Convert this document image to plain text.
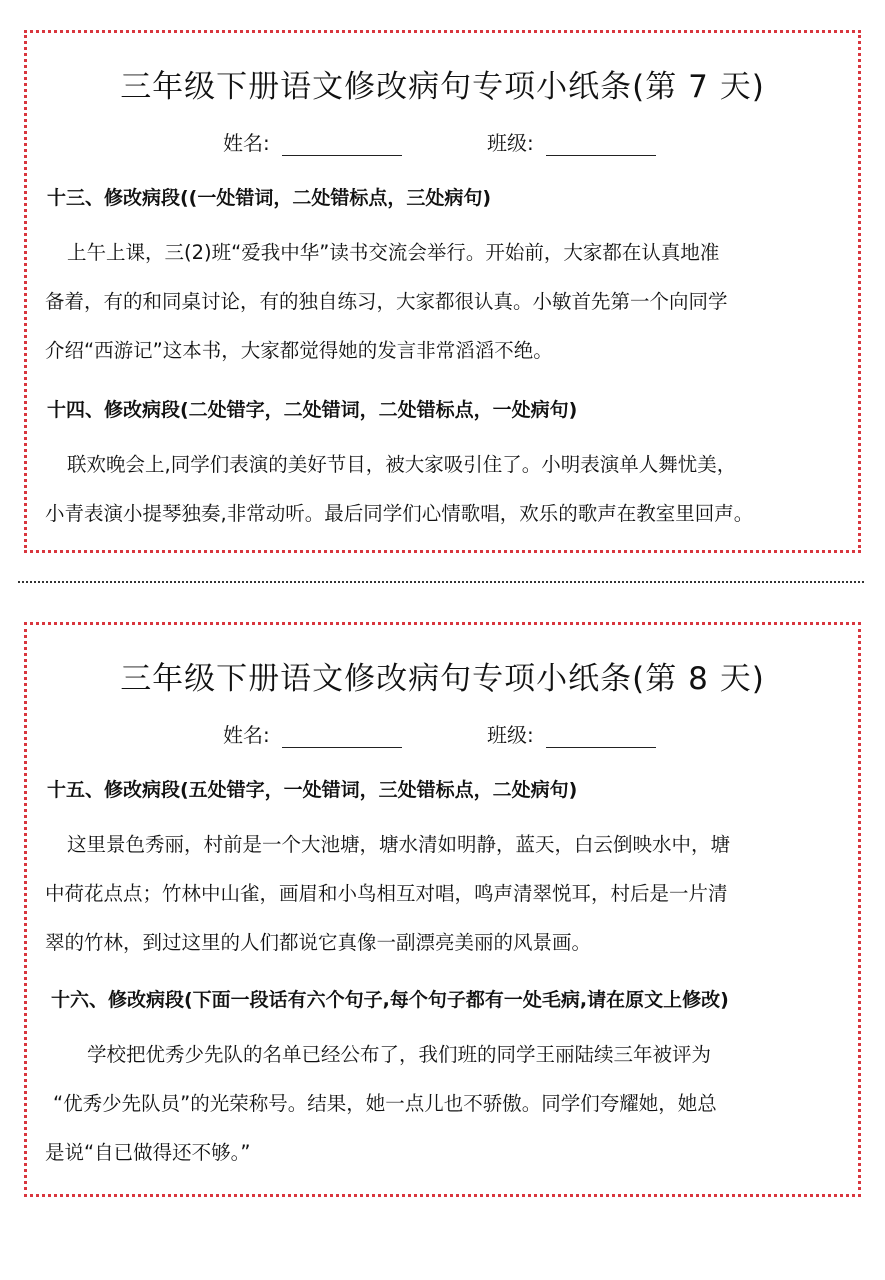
三年级下册语文修改病句专项小纸条(第 7 天)
姓名:	班级:
十三、修改病段((一处错词，二处错标点，三处病句)
上午上课，三(2)班“爱我中华”读书交流会举行。开始前，大家都在认真地准
备着，有的和同桌讨论，有的独自练习，大家都很认真。小敏首先第一个向同学
介绍“西游记”这本书，大家都觉得她的发言非常滔滔不绝。
十四、修改病段(二处错字，二处错词，二处错标点，一处病句)
联欢晚会上,同学们表演的美好节目，被大家吸引住了。小明表演单人舞忧美，
小青表演小提琴独奏,非常动听。最后同学们心情歌唱，欢乐的歌声在教室里回声。
三年级下册语文修改病句专项小纸条(第 8 天)
姓名:	班级:
十五、修改病段(五处错字，一处错词，三处错标点，二处病句)
这里景色秀丽，村前是一个大池塘，塘水清如明静，蓝天，白云倒映水中，塘
中荷花点点；竹林中山雀，画眉和小鸟相互对唱，鸣声清翠悦耳，村后是一片清
翠的竹林，到过这里的人们都说它真像一副漂亮美丽的风景画。
十六、修改病段(下面一段话有六个句子,每个句子都有一处毛病,请在原文上修改)
学校把优秀少先队的名单已经公布了，我们班的同学王丽陆续三年被评为
“优秀少先队员”的光荣称号。结果，她一点儿也不骄傲。同学们夸耀她，她总
是说“自已做得还不够。”
